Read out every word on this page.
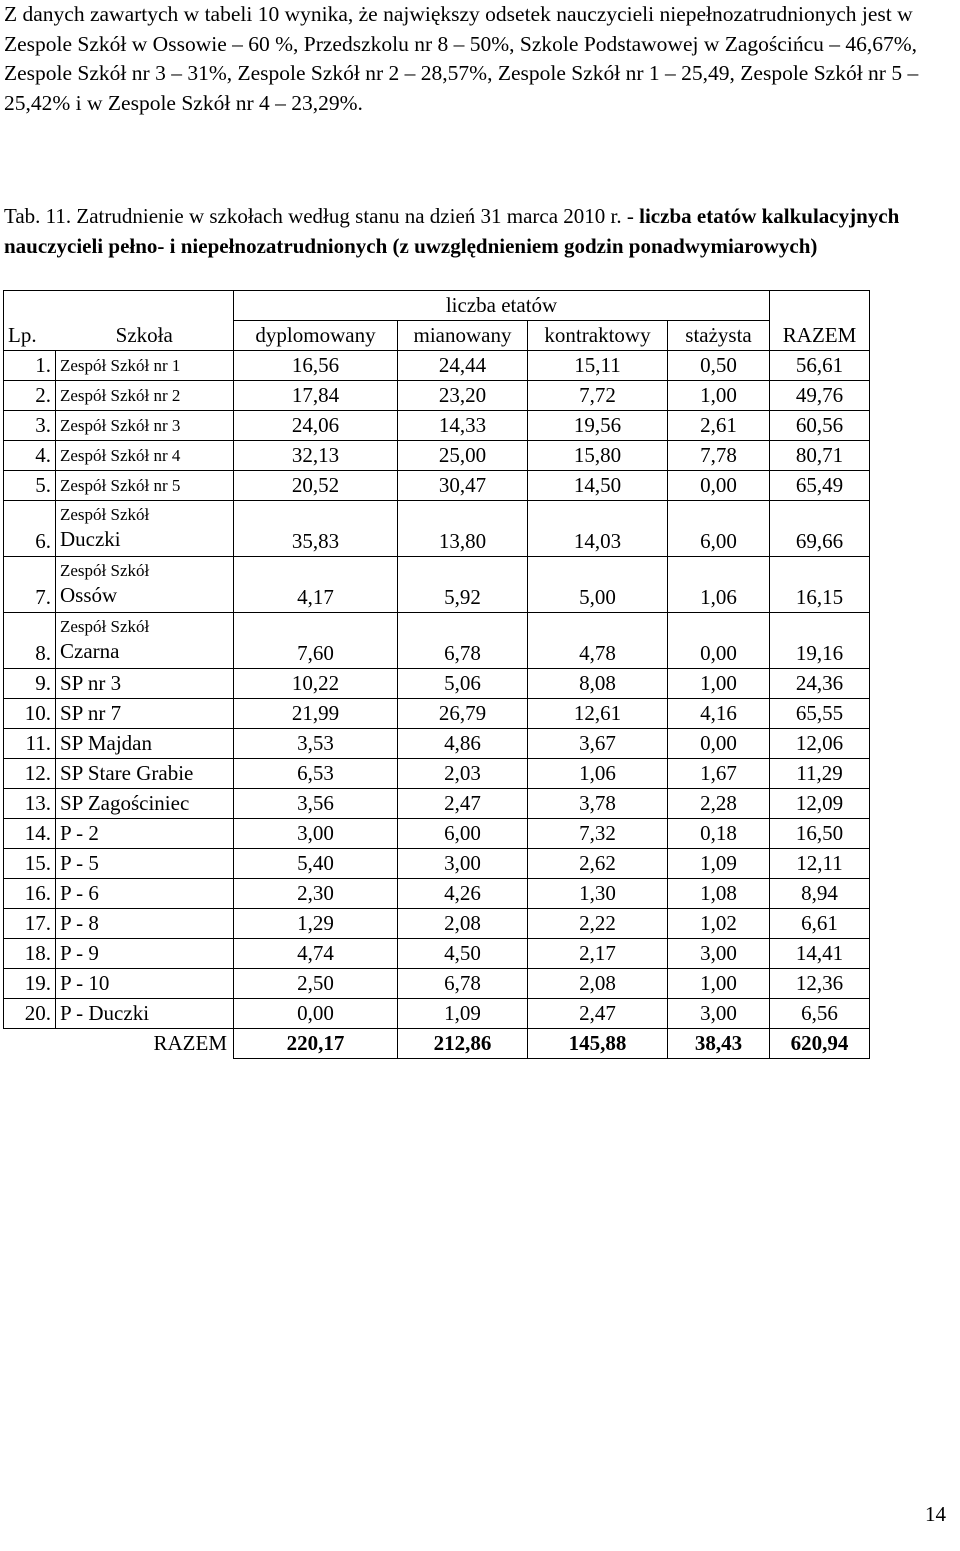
Z danych zawartych w tabeli 10 wynika, że największy odsetek nauczycieli niepełnozatrudnionych jest w Zespole Szkół w Ossowie – 60 %, Przedszkolu nr 8 – 50%, Szkole Podstawowej w Zagościńcu – 46,67%, Zespole Szkół nr 3 – 31%, Zespole Szkół nr 2 – 28,57%, Zespole Szkół nr 1 – 25,49, Zespole Szkół nr 5 – 25,42% i w Zespole Szkół nr 4 – 23,29%.

Tab. 11. Zatrudnienie w szkołach według stanu na dzień 31 marca 2010 r. - liczba etatów kalkulacyjnych nauczycieli pełno- i niepełnozatrudnionych (z uwzględnieniem godzin ponadwymiarowych)

		liczba etatów				
Lp.	Szkoła	dyplomowany	mianowany	kontraktowy	stażysta	RAZEM
1.	Zespół Szkół nr 1	16,56	24,44	15,11	0,50	56,61
2.	Zespół Szkół nr 2	17,84	23,20	7,72	1,00	49,76
3.	Zespół Szkół nr 3	24,06	14,33	19,56	2,61	60,56
4.	Zespół Szkół nr 4	32,13	25,00	15,80	7,78	80,71
5.	Zespół Szkół nr 5	20,52	30,47	14,50	0,00	65,49
6.	Zespół Szkół
Duczki	35,83	13,80	14,03	6,00	69,66
7.	Zespół Szkół
Ossów	4,17	5,92	5,00	1,06	16,15
8.	Zespół Szkół
Czarna	7,60	6,78	4,78	0,00	19,16
9.	SP nr 3	10,22	5,06	8,08	1,00	24,36
10.	SP nr 7	21,99	26,79	12,61	4,16	65,55
11.	SP Majdan	3,53	4,86	3,67	0,00	12,06
12.	SP Stare Grabie	6,53	2,03	1,06	1,67	11,29
13.	SP Zagościniec	3,56	2,47	3,78	2,28	12,09
14.	P - 2	3,00	6,00	7,32	0,18	16,50
15.	P - 5	5,40	3,00	2,62	1,09	12,11
16.	P - 6	2,30	4,26	1,30	1,08	8,94
17.	P - 8	1,29	2,08	2,22	1,02	6,61
18.	P - 9	4,74	4,50	2,17	3,00	14,41
19.	P - 10	2,50	6,78	2,08	1,00	12,36
20.	P - Duczki	0,00	1,09	2,47	3,00	6,56
	RAZEM	220,17	212,86	145,88	38,43	620,94
14
